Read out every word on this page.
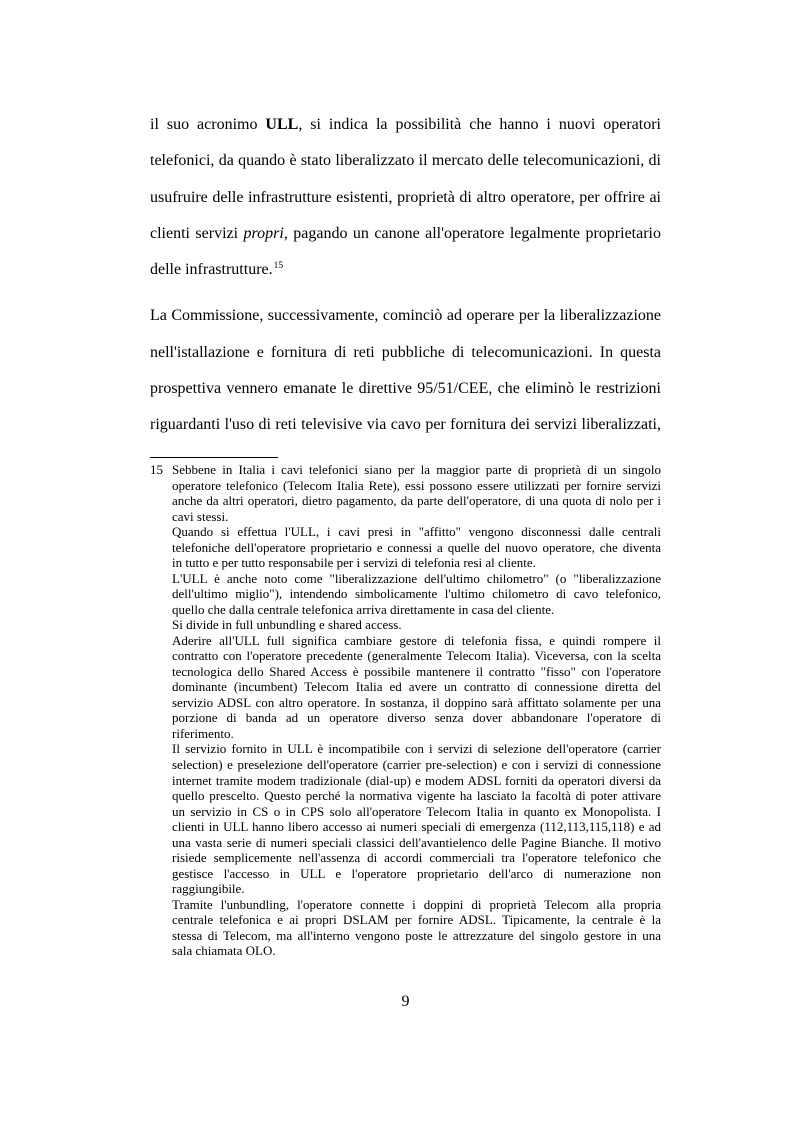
il suo acronimo ULL, si indica la possibilità che hanno i nuovi operatori
telefonici, da quando è stato liberalizzato il mercato delle telecomunicazioni, di
usufruire delle infrastrutture esistenti, proprietà di altro operatore, per offrire ai
clienti servizi propri, pagando un canone all'operatore legalmente proprietario
delle infrastrutture.$^{15}$
La Commissione, successivamente, cominciò ad operare per la liberalizzazione
nell'istallazione e fornitura di reti pubbliche di telecomunicazioni. In questa
prospettiva vennero emanate le direttive 95/51/CEE, che eliminò le restrizioni
riguardanti l'uso di reti televisive via cavo per fornitura dei servizi liberalizzati,
15 Sebbene in Italia i cavi telefonici siano per la maggior parte di proprietà di un singolo
operatore telefonico (Telecom Italia Rete), essi possono essere utilizzati per fornire servizi
anche da altri operatori, dietro pagamento, da parte dell'operatore, di una quota di nolo per i
cavi stessi.
Quando si effettua l'ULL, i cavi presi in "affitto" vengono disconnessi dalle centrali
telefoniche dell'operatore proprietario e connessi a quelle del nuovo operatore, che diventa
in tutto e per tutto responsabile per i servizi di telefonia resi al cliente.
L'ULL è anche noto come "liberalizzazione dell'ultimo chilometro" (o "liberalizzazione
dell'ultimo miglio"), intendendo simbolicamente l'ultimo chilometro di cavo telefonico,
quello che dalla centrale telefonica arriva direttamente in casa del cliente.
Si divide in full unbundling e shared access.
Aderire all'ULL full significa cambiare gestore di telefonia fissa, e quindi rompere il
contratto con l'operatore precedente (generalmente Telecom Italia). Viceversa, con la scelta
tecnologica dello Shared Access è possibile mantenere il contratto "fisso" con l'operatore
dominante (incumbent) Telecom Italia ed avere un contratto di connessione diretta del
servizio ADSL con altro operatore. In sostanza, il doppino sarà affittato solamente per una
porzione di banda ad un operatore diverso senza dover abbandonare l'operatore di
riferimento.
Il servizio fornito in ULL è incompatibile con i servizi di selezione dell'operatore (carrier
selection) e preselezione dell'operatore (carrier pre-selection) e con i servizi di connessione
internet tramite modem tradizionale (dial-up) e modem ADSL forniti da operatori diversi da
quello prescelto. Questo perché la normativa vigente ha lasciato la facoltà di poter attivare
un servizio in CS o in CPS solo all'operatore Telecom Italia in quanto ex Monopolista. I
clienti in ULL hanno libero accesso ai numeri speciali di emergenza (112,113,115,118) e ad
una vasta serie di numeri speciali classici dell'avantielenco delle Pagine Bianche. Il motivo
risiede semplicemente nell'assenza di accordi commerciali tra l'operatore telefonico che
gestisce l'accesso in ULL e l'operatore proprietario dell'arco di numerazione non
raggiungibile.
Tramite l'unbundling, l'operatore connette i doppini di proprietà Telecom alla propria
centrale telefonica e ai propri DSLAM per fornire ADSL. Tipicamente, la centrale è la
stessa di Telecom, ma all'interno vengono poste le attrezzature del singolo gestore in una
sala chiamata OLO.
9
